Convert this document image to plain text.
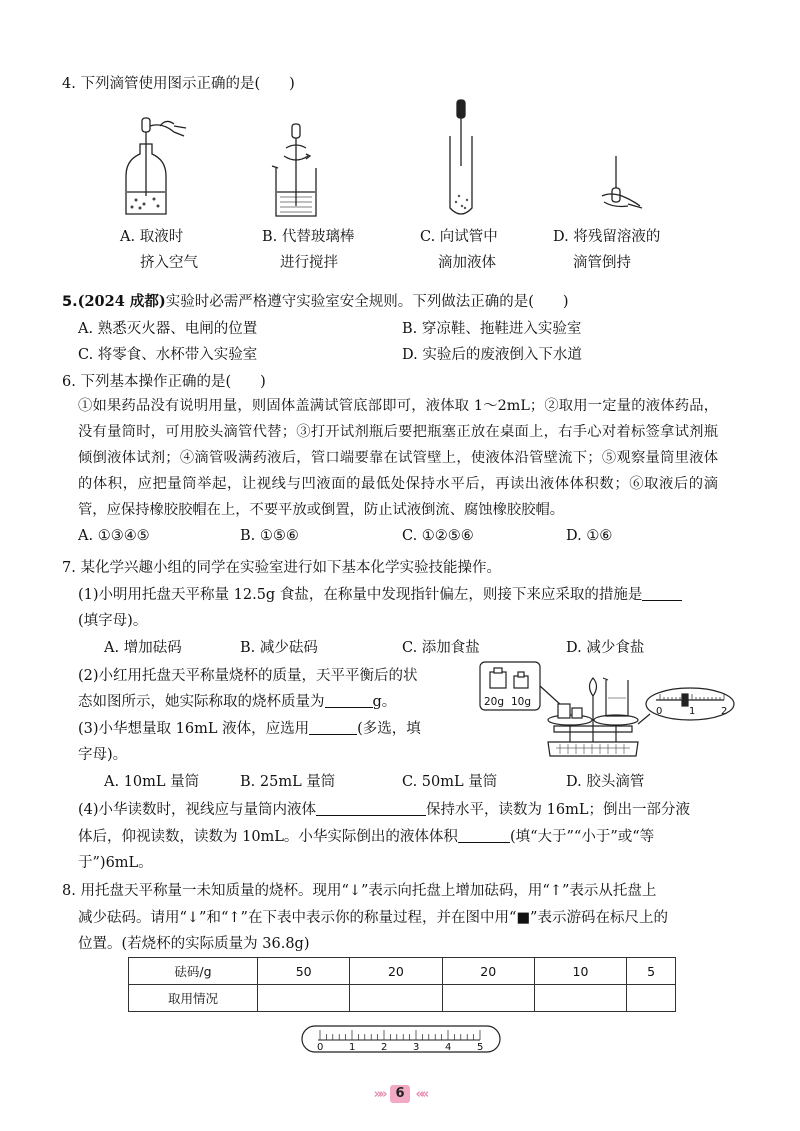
4. 下列滴管使用图示正确的是(　　)
A. 取液时
挤入空气
B. 代替玻璃棒
进行搅拌
C. 向试管中
滴加液体
D. 将残留溶液的
滴管倒持
5.(2024 成都)实验时必需严格遵守实验室安全规则。下列做法正确的是(　　)
A. 熟悉灭火器、电闸的位置	B. 穿凉鞋、拖鞋进入实验室
C. 将零食、水杯带入实验室	D. 实验后的废液倒入下水道
6. 下列基本操作正确的是(　　)
①如果药品没有说明用量，则固体盖满试管底部即可，液体取 1～2mL；②取用一定量的液体药品，没有量筒时，可用胶头滴管代替；③打开试剂瓶后要把瓶塞正放在桌面上，右手心对着标签拿试剂瓶倾倒液体试剂；④滴管吸满药液后，管口端要靠在试管壁上，使液体沿管壁流下；⑤观察量筒里液体的体积，应把量筒举起，让视线与凹液面的最低处保持水平后，再读出液体体积数；⑥取液后的滴管，应保持橡胶胶帽在上，不要平放或倒置，防止试液倒流、腐蚀橡胶胶帽。
A. ①③④⑤	B. ①⑤⑥	C. ①②⑤⑥	D. ①⑥
7. 某化学兴趣小组的同学在实验室进行如下基本化学实验技能操作。
(1)小明用托盘天平称量 12.5g 食盐，在称量中发现指针偏左，则接下来应采取的措施是
(填字母)。
A. 增加砝码	B. 减少砝码	C. 添加食盐	D. 减少食盐
(2)小红用托盘天平称量烧杯的质量，天平平衡后的状
态如图所示，她实际称取的烧杯质量为	g。
(3)小华想量取 16mL 液体，应选用	(多选，填
字母)。
A. 10mL 量筒	B. 25mL 量筒	C. 50mL 量筒	D. 胶头滴管
(4)小华读数时，视线应与量筒内液体	保持水平，读数为 16mL；倒出一部分液
体后，仰视读数，读数为 10mL。小华实际倒出的液体体积	(填“大于”“小于”或“等
于”)6mL。
20g 10g
0	1	2
8. 用托盘天平称量一未知质量的烧杯。现用“↓”表示向托盘上增加砝码，用“↑”表示从托盘上
减少砝码。请用“↓”和“↑”在下表中表示你的称量过程，并在图中用“■”表示游码在标尺上的
位置。(若烧杯的实际质量为 36.8g)
砝码/g	50	20	20	10	5
取用情况					
0	1	2	3	4	5
»» 6 ««
